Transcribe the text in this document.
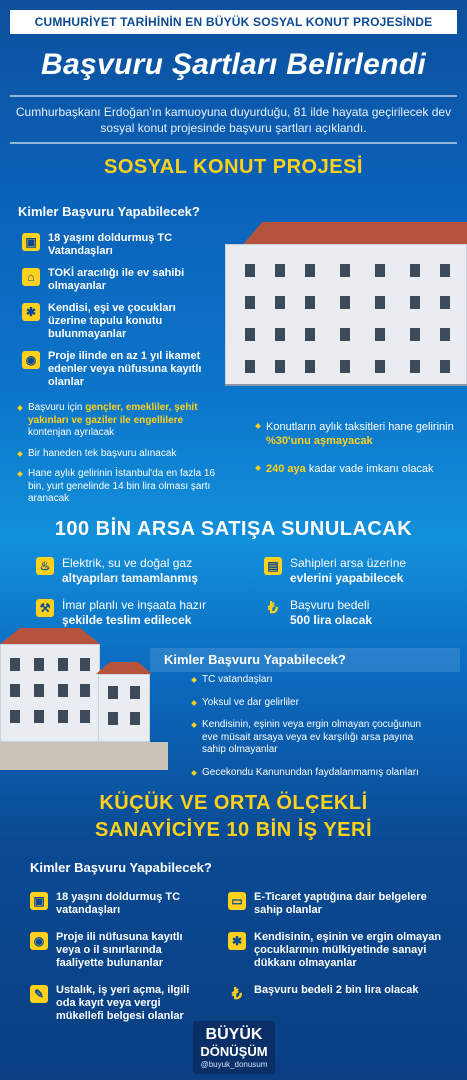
CUMHURİYET TARİHİNİN EN BÜYÜK SOSYAL KONUT PROJESİNDE
Başvuru Şartları Belirlendi
Cumhurbaşkanı Erdoğan'ın kamuoyuna duyurduğu, 81 ilde hayata geçirilecek dev sosyal konut projesinde başvuru şartları açıklandı.
SOSYAL KONUT PROJESİ
Kimler Başvuru Yapabilecek?
▣	18 yaşını doldurmuş TC Vatandaşları
⌂	TOKİ aracılığı ile ev sahibi olmayanlar
✱	Kendisi, eşi ve çocukları üzerine tapulu konutu bulunmayanlar
◉	Proje ilinde en az 1 yıl ikamet edenler veya nüfusuna kayıtlı olanlar
Başvuru için gençler, emekliler, şehit yakınları ve gaziler ile engellilere kontenjan ayrılacak
Bir haneden tek başvuru alınacak
Hane aylık gelirinin İstanbul'da en fazla 16 bin, yurt genelinde 14 bin lira olması şartı aranacak
Konutların aylık taksitleri hane gelirinin %30'unu aşmayacak
240 aya kadar vade imkanı olacak
100 BİN ARSA SATIŞA SUNULACAK
♨ Elektrik, su ve doğal gaz
altyapıları tamamlanmış
▤ Sahipleri arsa üzerine
evlerini yapabilecek
⚒ İmar planlı ve inşaata hazır
şekilde teslim edilecek
₺ Başvuru bedeli
500 lira olacak
Kimler Başvuru Yapabilecek?
TC vatandaşları
Yoksul ve dar gelirliler
Kendisinin, eşinin veya ergin olmayan çocuğunun eve müsait arsaya veya ev karşılığı arsa payına sahip olmayanlar
Gecekondu Kanunundan faydalanmamış olanları
KÜÇÜK VE ORTA ÖLÇEKLİ
SANAYİCİYE 10 BİN İŞ YERİ
Kimler Başvuru Yapabilecek?
▣	18 yaşını doldurmuş TC vatandaşları
◉	Proje ili nüfusuna kayıtlı veya o il sınırlarında faaliyette bulunanlar
✎	Ustalık, iş yeri açma, ilgili oda kayıt veya vergi mükellefi belgesi olanlar
▭	E-Ticaret yaptığına dair belgelere sahip olanlar
✱	Kendisinin, eşinin ve ergin olmayan çocuklarının mülkiyetinde sanayi dükkanı olmayanlar
₺	Başvuru bedeli 2 bin lira olacak
BÜYÜK
DÖNÜŞÜM
@buyuk_donusum
